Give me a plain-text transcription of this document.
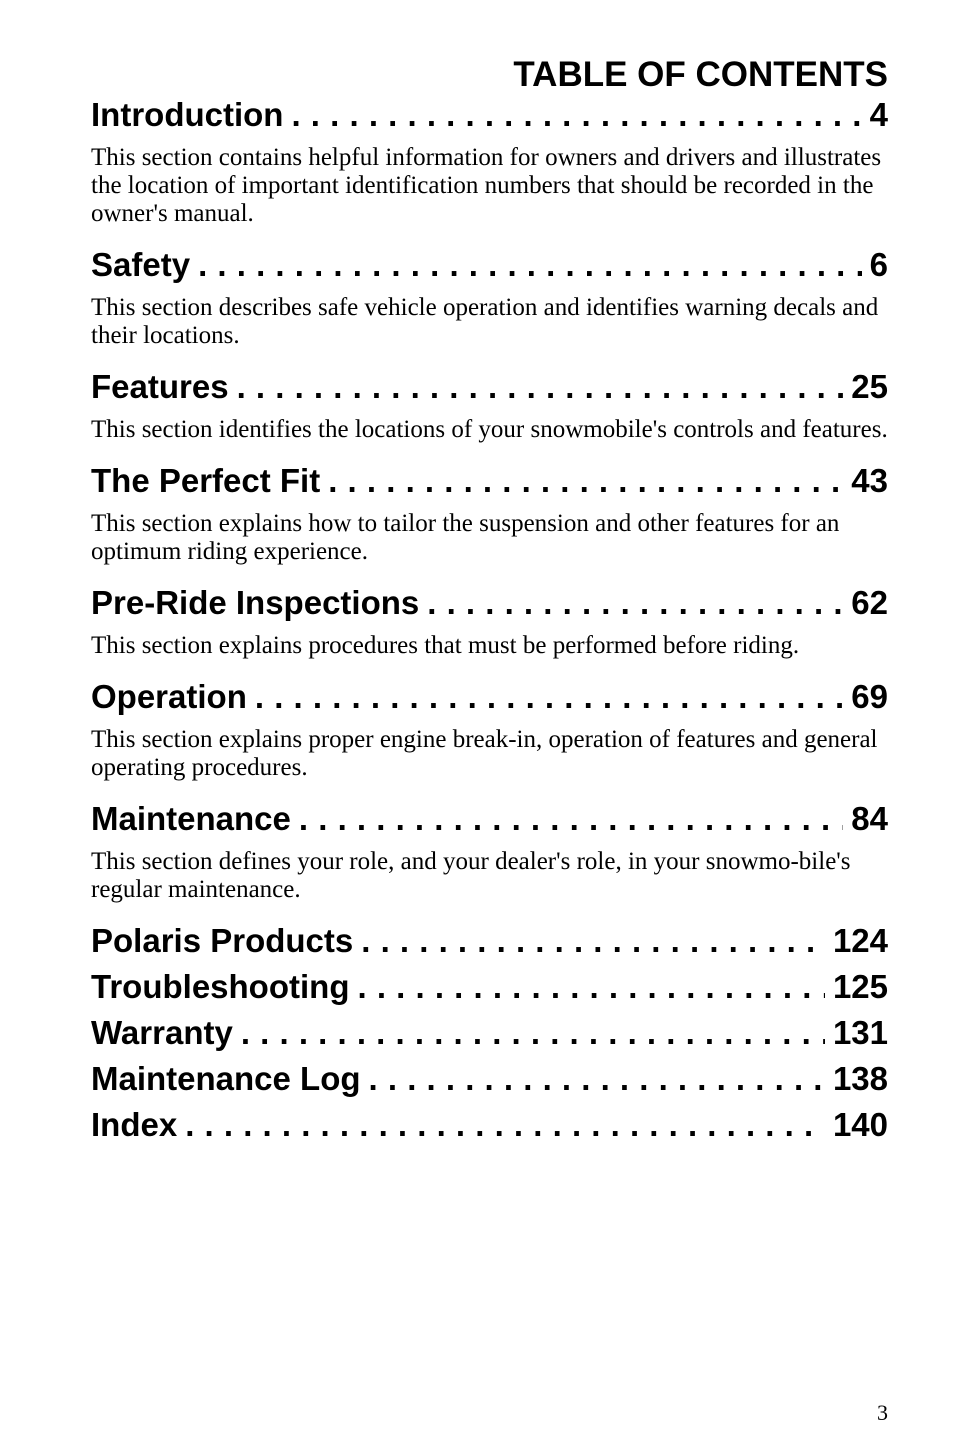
TABLE OF CONTENTS
Introduction . . .	4
This section contains helpful information for owners and drivers and illustrates the location of important identification numbers that should be recorded in the owner's manual.
Safety . . .	6
This section describes safe vehicle operation and identifies warning decals and their locations.
Features . . .	25
This section identifies the locations of your snowmobile's controls and features.
The Perfect Fit . . .	43
This section explains how to tailor the suspension and other features for an optimum riding experience.
Pre-Ride Inspections . . .	62
This section explains procedures that must be performed before riding.
Operation . . .	69
This section explains proper engine break-in, operation of features and general operating procedures.
Maintenance . . .	84
This section defines your role, and your dealer's role, in your snowmo-bile's regular maintenance.
Polaris Products . . .	124
Troubleshooting . . .	125
Warranty . . .	131
Maintenance Log . . .	138
Index . . .	140
3
